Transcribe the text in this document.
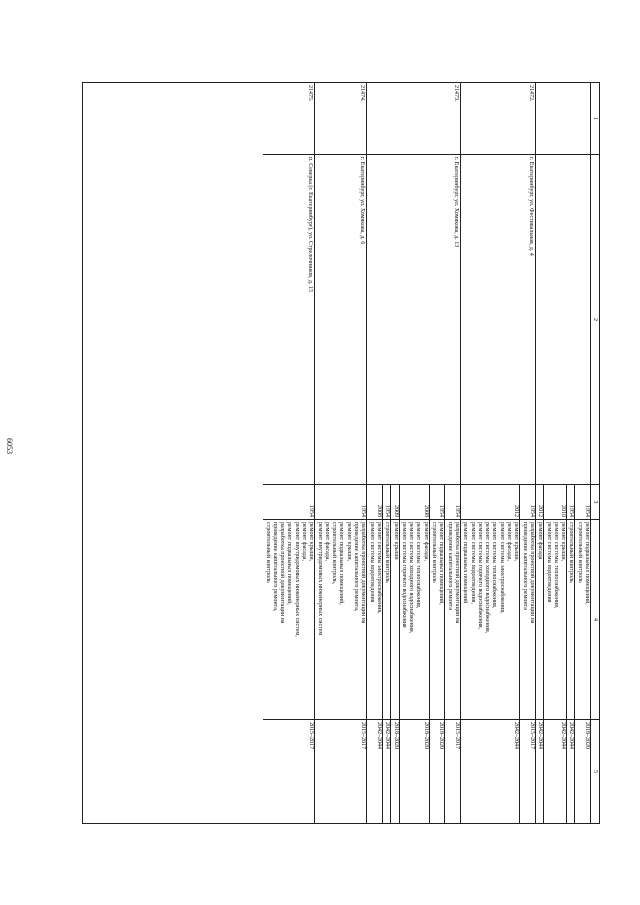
6053
1
2
3
4
5
1954
ремонт подвальных помещений,
строительный контроль
2018–2020
1954
строительный контроль
2042–2044
2010
ремонт крыши,
ремонт системы теплоснабжения,
ремонт системы водоотведения
2042–2044
2012
ремонт фасада
2042–2044
21472.
г. Екатеринбург, ул. Фестивальная, д. 4
1954
разработка проектной документации на
проведение капитального ремонта
2015–2017
2012
ремонт крыши,
ремонт фасада,
ремонт системы электроснабжения,
ремонт системы теплоснабжения,
ремонт системы холодного водоснабжения,
ремонт системы горячего водоснабжения,
ремонт системы водоотведения,
ремонт подвальных помещений
2042–2044
21473.
г. Екатеринбург, ул. Хомякова, д. 13
1954
разработка проектной документации на
проведение капитального ремонта
2015–2017
1954
ремонт подвальных помещений,
строительный контроль
2018–2020
2008
ремонт фасада,
ремонт системы теплоснабжения,
ремонт системы холодного водоснабжения,
ремонт системы горячего водоснабжения
2018–2020
2009
ремонт крыши
2018–2020
1954
строительный контроль
2042–2044
2008
ремонт системы электроснабжения,
ремонт системы водоотведения
2042–2044
21474.
г. Екатеринбург, ул. Хомякова, д. 6
1954
разработка проектной документации на
проведение капитального ремонта,
ремонт крыши,
ремонт подвальных помещений,
строительный контроль,
ремонт фасада,
ремонт внутридомовых инженерных систем
2015–2017
21475.
п. Северка (г. Екатеринбург), ул. Стрелочников, д. 15
1954
ремонт крыши,
ремонт фасада,
ремонт внутридомовых инженерных систем,
ремонт подвальных помещений,
разработка проектной документации на
проведение капитального ремонта,
строительный контроль
2015–2017
